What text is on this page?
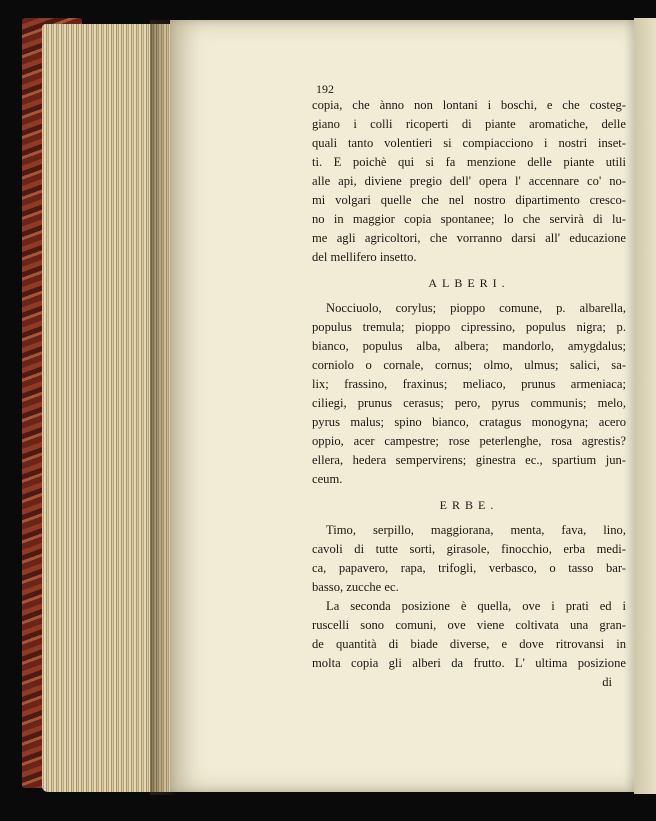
192
copia, che ànno non lontani i boschi, e che costeg-
giano i colli ricoperti di piante aromatiche, delle
quali tanto volentieri si compiacciono i nostri inset-
ti. E poichè qui si fa menzione delle piante utili
alle api, diviene pregio dell' opera l' accennare co' no-
mi volgari quelle che nel nostro dipartimento cresco-
no in maggior copia spontanee; lo che servirà di lu-
me agli agricoltori, che vorranno darsi all' educazione
del mellifero insetto.
ALBERI.
Nocciuolo, corylus; pioppo comune, p. albarella,
populus tremula; pioppo cipressino, populus nigra; p.
bianco, populus alba, albera; mandorlo, amygdalus;
corniolo o cornale, cornus; olmo, ulmus; salici, sa-
lix; frassino, fraxinus; meliaco, prunus armeniaca;
ciliegi, prunus cerasus; pero, pyrus communis; melo,
pyrus malus; spino bianco, cratagus monogyna; acero
oppio, acer campestre; rose peterlenghe, rosa agrestis?
ellera, hedera sempervirens; ginestra ec., spartium jun-
ceum.
ERBE.
Timo, serpillo, maggiorana, menta, fava, lino,
cavoli di tutte sorti, girasole, finocchio, erba medi-
ca, papavero, rapa, trifogli, verbasco, o tasso bar-
basso, zucche ec.
La seconda posizione è quella, ove i prati ed i
ruscelli sono comuni, ove viene coltivata una gran-
de quantità di biade diverse, e dove ritrovansi in
molta copia gli alberi da frutto. L' ultima posizione
di
